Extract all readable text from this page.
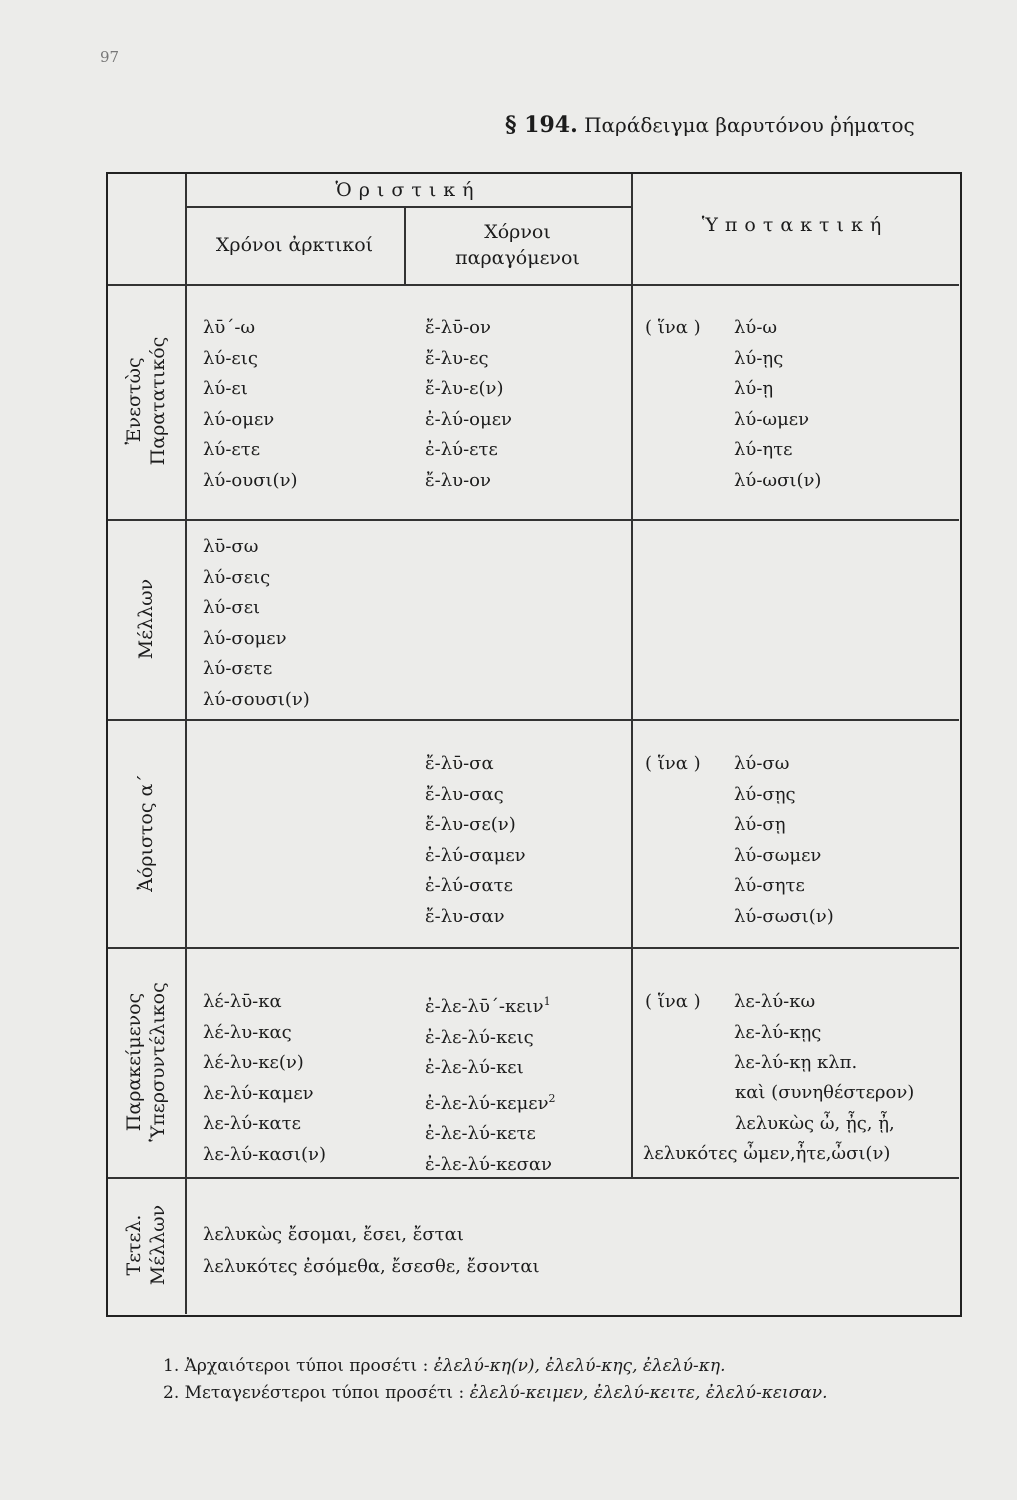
97
§ 194. Παράδειγμα βαρυτόνου ῥήματος
Ὁριστική
Χρόνοι ἀρκτικοί
Χόρνοι
παραγόμενοι
Ὑποτακτική
Ἐνεστὼς Παρατατικός
Μέλλων
Ἀόριστος α΄
Παρακείμενος Ὑπερσυντέλικος
Τετελ. Μέλλων
λῡ΄-ω
λύ-εις
λύ-ει
λύ-ομεν
λύ-ετε
λύ-ουσι(ν)
ἔ-λῡ-ον
ἔ-λυ-ες
ἔ-λυ-ε(ν)
ἐ-λύ-ομεν
ἐ-λύ-ετε
ἔ-λυ-ον
( ἵνα ) λύ-ω
λύ-ῃς
λύ-ῃ
λύ-ωμεν
λύ-ητε
λύ-ωσι(ν)
λῡ-σω
λύ-σεις
λύ-σει
λύ-σομεν
λύ-σετε
λύ-σουσι(ν)
ἔ-λῡ-σα
ἔ-λυ-σας
ἔ-λυ-σε(ν)
ἐ-λύ-σαμεν
ἐ-λύ-σατε
ἔ-λυ-σαν
( ἵνα ) λύ-σω
λύ-σῃς
λύ-σῃ
λύ-σωμεν
λύ-σητε
λύ-σωσι(ν)
λέ-λῡ-κα
λέ-λυ-κας
λέ-λυ-κε(ν)
λε-λύ-καμεν
λε-λύ-κατε
λε-λύ-κασι(ν)
ἐ-λε-λῡ΄-κειν$^1$
ἐ-λε-λύ-κεις
ἐ-λε-λύ-κει
ἐ-λε-λύ-κεμεν$^2$
ἐ-λε-λύ-κετε
ἐ-λε-λύ-κεσαν
( ἵνα ) λε-λύ-κω
λε-λύ-κῃς
λε-λύ-κῃ κλπ.
καὶ (συνηθέστερον)
λελυκὼς ὦ, ᾖς, ᾖ,
λελυκότες ὦμεν,ἦτε,ὦσι(ν)
λελυκὼς ἔσομαι, ἔσει, ἔσται
λελυκότες ἐσόμεθα, ἔσεσθε, ἔσονται
1. Ἀρχαιότεροι τύποι προσέτι : ἐλελύ-κη(ν), ἐλελύ-κης, ἐλελύ-κη.
2. Μεταγενέστεροι τύποι προσέτι : ἐλελύ-κειμεν, ἐλελύ-κειτε, ἐλελύ-κεισαν.
